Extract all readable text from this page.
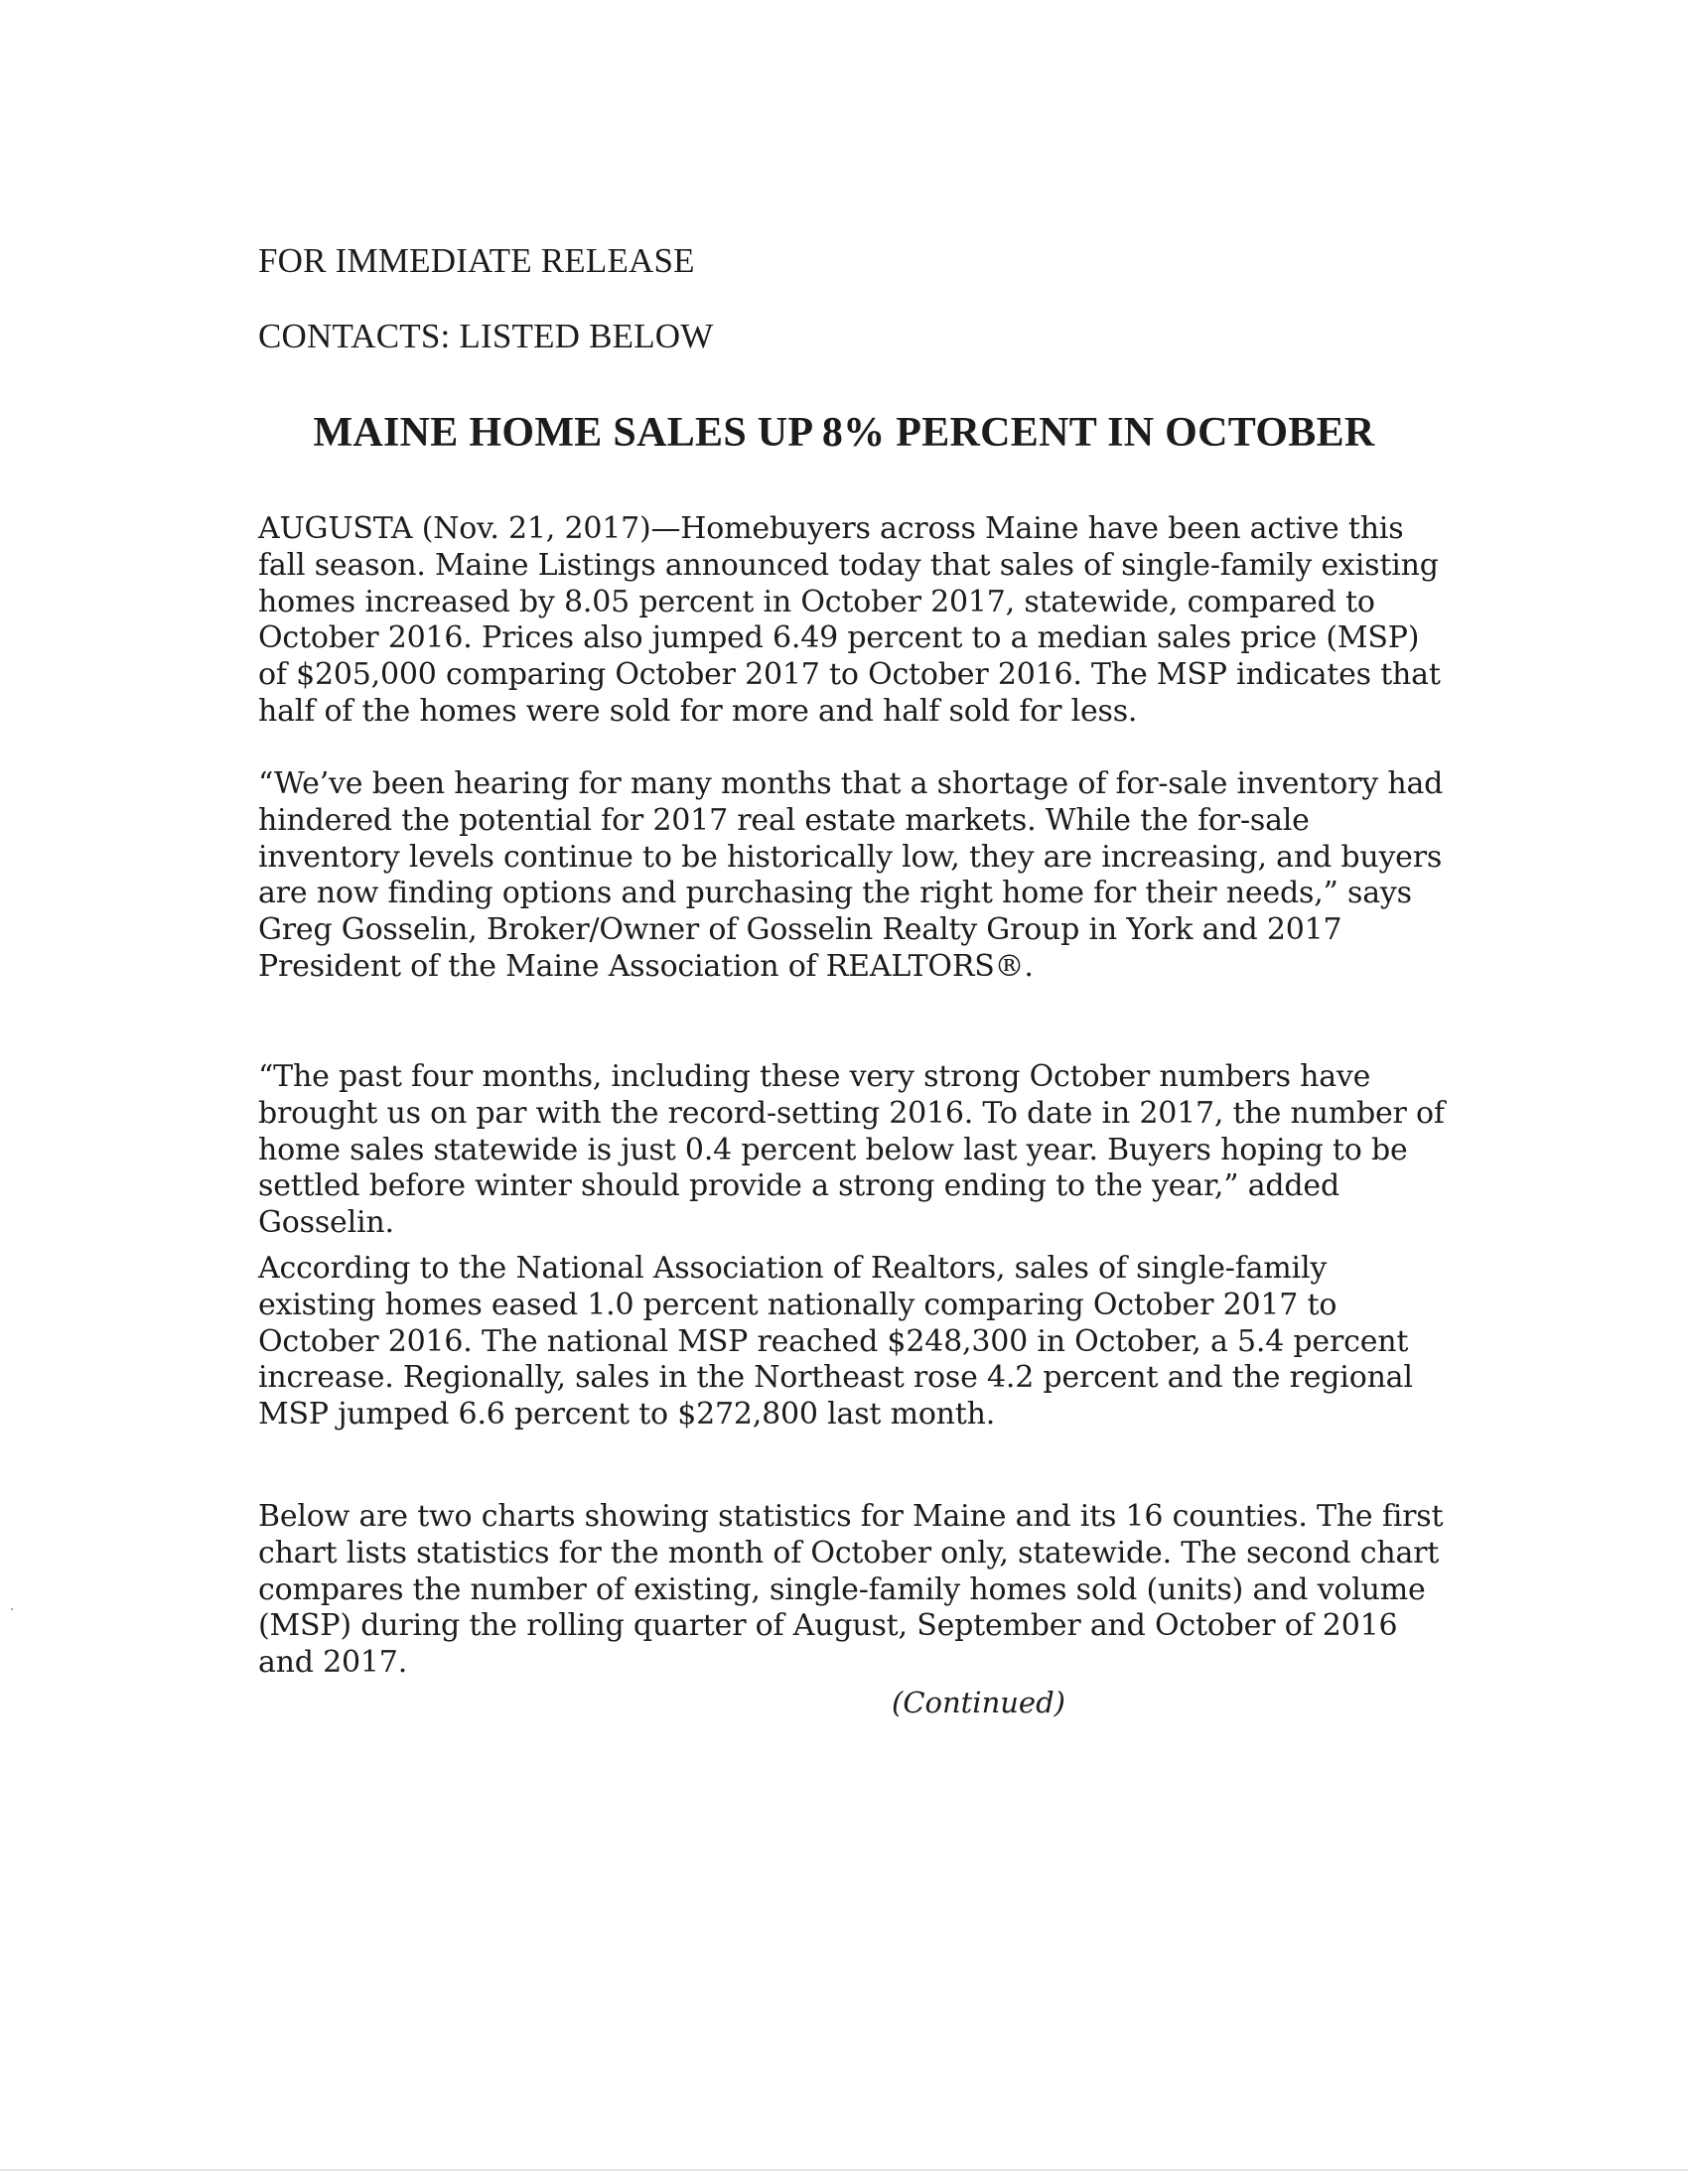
FOR IMMEDIATE RELEASE

CONTACTS: LISTED BELOW

MAINE HOME SALES UP 8% PERCENT IN OCTOBER

AUGUSTA (Nov. 21, 2017)—Homebuyers across Maine have been active this fall season. Maine Listings announced today that sales of single-family existing homes increased by 8.05 percent in October 2017, statewide, compared to October 2016. Prices also jumped 6.49 percent to a median sales price (MSP) of $205,000 comparing October 2017 to October 2016. The MSP indicates that half of the homes were sold for more and half sold for less.

“We’ve been hearing for many months that a shortage of for-sale inventory had hindered the potential for 2017 real estate markets. While the for-sale inventory levels continue to be historically low, they are increasing, and buyers are now finding options and purchasing the right home for their needs,” says Greg Gosselin, Broker/Owner of Gosselin Realty Group in York and 2017 President of the Maine Association of REALTORS®.

“The past four months, including these very strong October numbers have brought us on par with the record-setting 2016. To date in 2017, the number of home sales statewide is just 0.4 percent below last year. Buyers hoping to be settled before winter should provide a strong ending to the year,” added Gosselin.

According to the National Association of Realtors, sales of single-family existing homes eased 1.0 percent nationally comparing October 2017 to October 2016. The national MSP reached $248,300 in October, a 5.4 percent increase. Regionally, sales in the Northeast rose 4.2 percent and the regional MSP jumped 6.6 percent to $272,800 last month.

Below are two charts showing statistics for Maine and its 16 counties. The first chart lists statistics for the month of October only, statewide. The second chart compares the number of existing, single-family homes sold (units) and volume (MSP) during the rolling quarter of August, September and October of 2016 and 2017.

(Continued)
